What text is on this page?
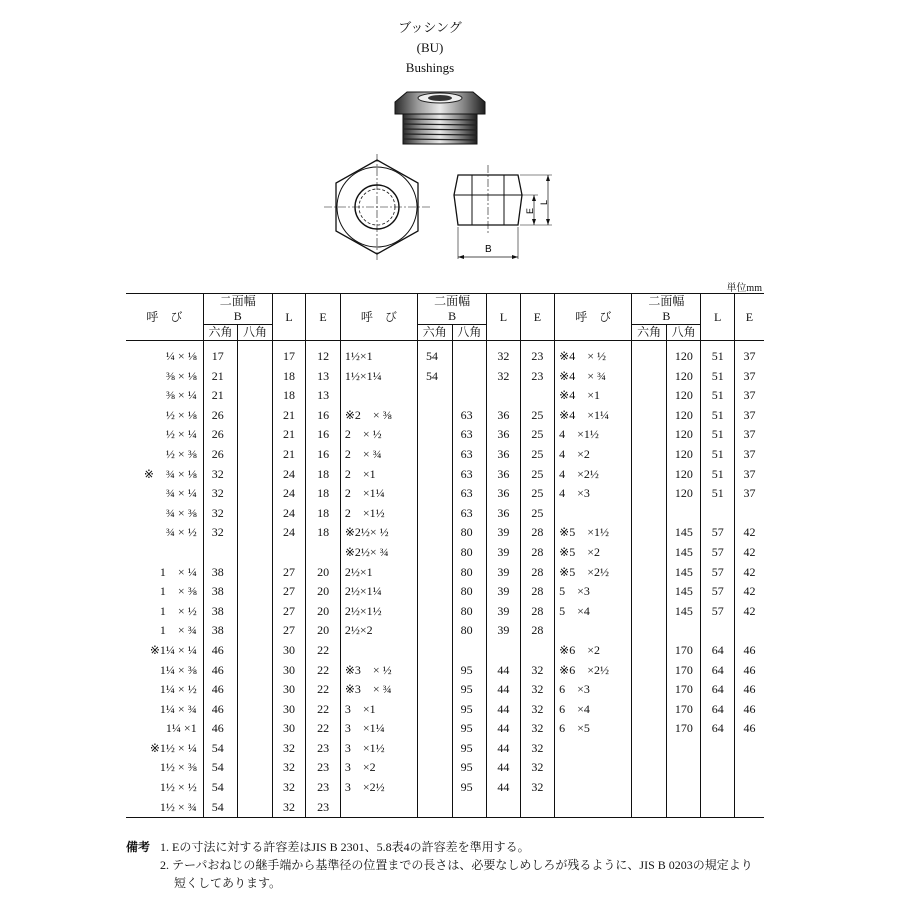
ブッシング
(BU)
Bushings
B
E
L
単位mm
呼　び	二面幅
B		L	E	呼　び	二面幅
B		L	E	呼　び	二面幅
B		L	E
	六角	八角				六角	八角				六角	八角		
¼ × ⅛	17		17	12	1½×1	54		32	23	※4　× ½		120	51	37
⅜ × ⅛	21		18	13	1½×1¼	54		32	23	※4　× ¾		120	51	37
⅜ × ¼	21		18	13						※4　×1		120	51	37
½ × ⅛	26		21	16	※2　× ⅜		63	36	25	※4　×1¼		120	51	37
½ × ¼	26		21	16	2　× ½		63	36	25	4　×1½		120	51	37
½ × ⅜	26		21	16	2　× ¾		63	36	25	4　×2		120	51	37
※　¾ × ⅛	32		24	18	2　×1		63	36	25	4　×2½		120	51	37
¾ × ¼	32		24	18	2　×1¼		63	36	25	4　×3		120	51	37
¾ × ⅜	32		24	18	2　×1½		63	36	25					
¾ × ½	32		24	18	※2½× ½		80	39	28	※5　×1½		145	57	42
					※2½× ¾		80	39	28	※5　×2		145	57	42
1　× ¼	38		27	20	2½×1		80	39	28	※5　×2½		145	57	42
1　× ⅜	38		27	20	2½×1¼		80	39	28	5　×3		145	57	42
1　× ½	38		27	20	2½×1½		80	39	28	5　×4		145	57	42
1　× ¾	38		27	20	2½×2		80	39	28					
※1¼ × ¼	46		30	22						※6　×2		170	64	46
1¼ × ⅜	46		30	22	※3　× ½		95	44	32	※6　×2½		170	64	46
1¼ × ½	46		30	22	※3　× ¾		95	44	32	6　×3		170	64	46
1¼ × ¾	46		30	22	3　×1		95	44	32	6　×4		170	64	46
1¼ ×1	46		30	22	3　×1¼		95	44	32	6　×5		170	64	46
※1½ × ¼	54		32	23	3　×1½		95	44	32					
1½ × ⅜	54		32	23	3　×2		95	44	32					
1½ × ½	54		32	23	3　×2½		95	44	32					
1½ × ¾	54		32	23										
備考 1. Eの寸法に対する許容差はJIS B 2301、5.8表4の許容差を準用する。
2. テーパおねじの継手端から基準径の位置までの長さは、必要なしめしろが残るように、JIS B 0203の規定より
短くしてあります。
